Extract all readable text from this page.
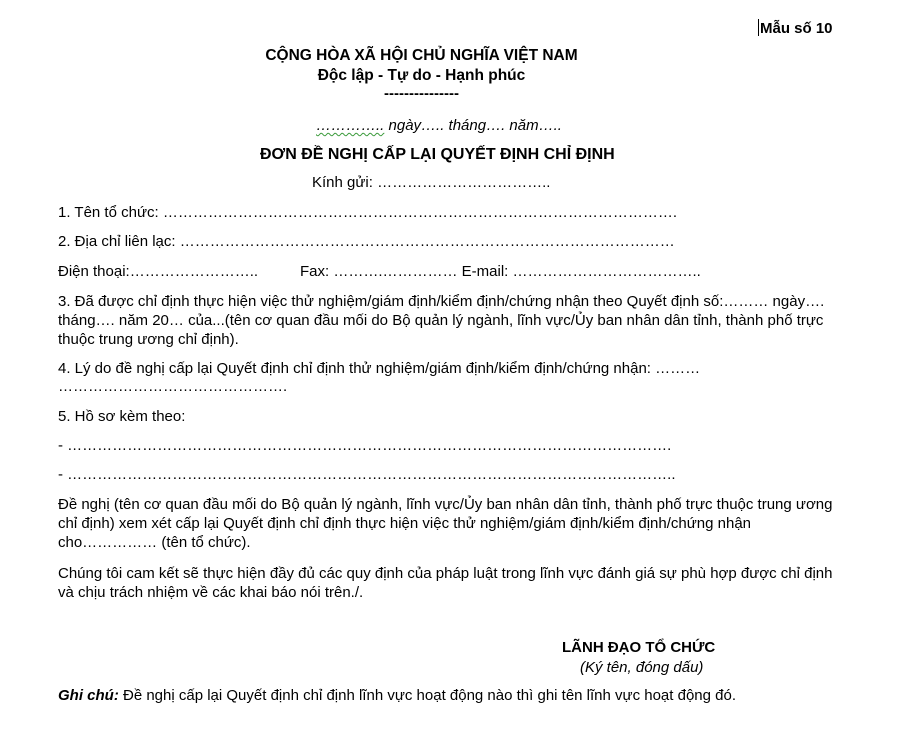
Mẫu số 10
CỘNG HÒA XÃ HỘI CHỦ NGHĨA VIỆT NAM
Độc lập - Tự do - Hạnh phúc
---------------
………….. ngày….. tháng…. năm…..
ĐƠN ĐỀ NGHỊ CẤP LẠI QUYẾT ĐỊNH CHỈ ĐỊNH
Kính gửi: ……………………………..
1. Tên tổ chức: ………………………………………………………………………………………….
2. Địa chỉ liên lạc: ………………………………………………………………………………………
Điện thoại:……………………..	Fax: ……….…………… E-mail: ………………………………..
3. Đã được chỉ định thực hiện việc thử nghiệm/giám định/kiểm định/chứng nhận theo Quyết định số:……… ngày…. tháng…. năm 20… của...(tên cơ quan đầu mối do Bộ quản lý ngành, lĩnh vực/Ủy ban nhân dân tỉnh, thành phố trực thuộc trung ương chỉ định).
4. Lý do đề nghị cấp lại Quyết định chỉ định thử nghiệm/giám định/kiểm định/chứng nhận: ………
……………………………………….
5. Hồ sơ kèm theo:
- ………………………………………………………………………………………………………….
- …………………………………………………………………………………………………………..
Đề nghị (tên cơ quan đầu mối do Bộ quản lý ngành, lĩnh vực/Ủy ban nhân dân tỉnh, thành phố trực thuộc trung ương chỉ định) xem xét cấp lại Quyết định chỉ định thực hiện việc thử nghiệm/giám định/kiểm định/chứng nhận cho…………… (tên tổ chức).
Chúng tôi cam kết sẽ thực hiện đầy đủ các quy định của pháp luật trong lĩnh vực đánh giá sự phù hợp được chỉ định và chịu trách nhiệm về các khai báo nói trên./.
LÃNH ĐẠO TỔ CHỨC
(Ký tên, đóng dấu)
Ghi chú: Đề nghị cấp lại Quyết định chỉ định lĩnh vực hoạt động nào thì ghi tên lĩnh vực hoạt động đó.
